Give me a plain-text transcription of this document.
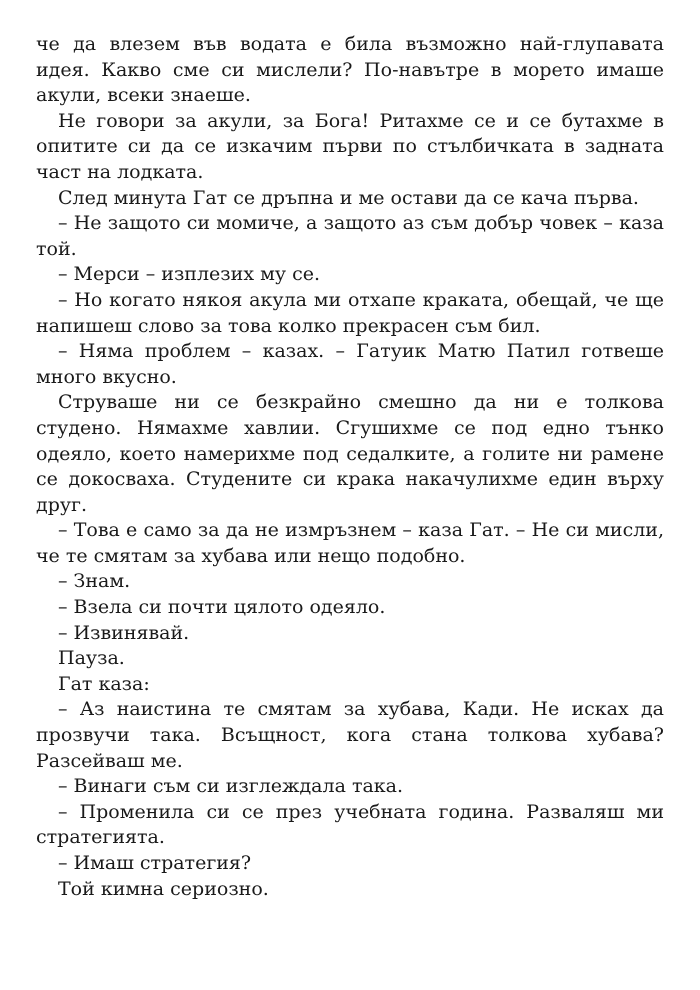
че да влезем във водата е била възможно най-глупавата идея. Какво сме си мислели? По-навътре в морето имаше акули, всеки знаеше.

Не говори за акули, за Бога! Ритахме се и се бутахме в опитите си да се изкачим първи по стълбичката в задната част на лодката.

След минута Гат се дръпна и ме остави да се кача първа.

– Не защото си момиче, а защото аз съм добър човек – каза той.

– Мерси – изплезих му се.

– Но когато някоя акула ми отхапе краката, обещай, че ще напишеш слово за това колко прекрасен съм бил.

– Няма проблем – казах. – Гатуик Матю Патил готвеше много вкусно.

Струваше ни се безкрайно смешно да ни е толкова студено. Нямахме хавлии. Сгушихме се под едно тънко одеяло, което намерихме под седалките, а голите ни рамене се докосваха. Студените си крака накачулихме един върху друг.

– Това е само за да не измръзнем – каза Гат. – Не си мисли, че те смятам за хубава или нещо подобно.

– Знам.

– Взела си почти цялото одеяло.

– Извинявай.

Пауза.

Гат каза:

– Аз наистина те смятам за хубава, Кади. Не исках да прозвучи така. Всъщност, кога стана толкова хубава? Разсейваш ме.

– Винаги съм си изглеждала така.

– Променила си се през учебната година. Разваляш ми стратегията.

– Имаш стратегия?

Той кимна сериозно.
